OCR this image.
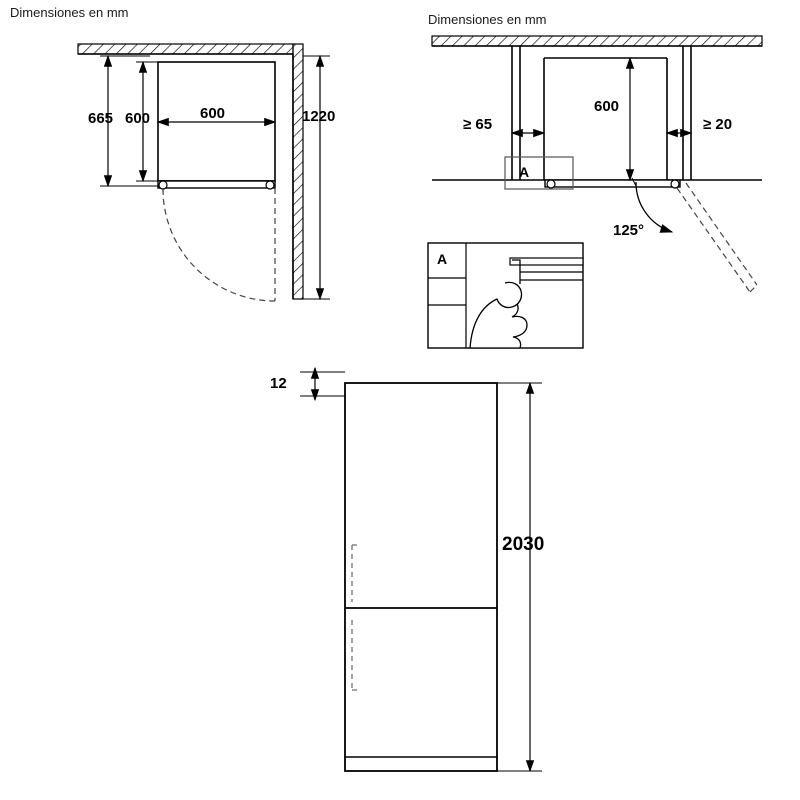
Dimensiones en mm	Dimensiones en mm
665 600	600	1220	≥ 65
600
≥ 20
125°
A
A
12
2030
